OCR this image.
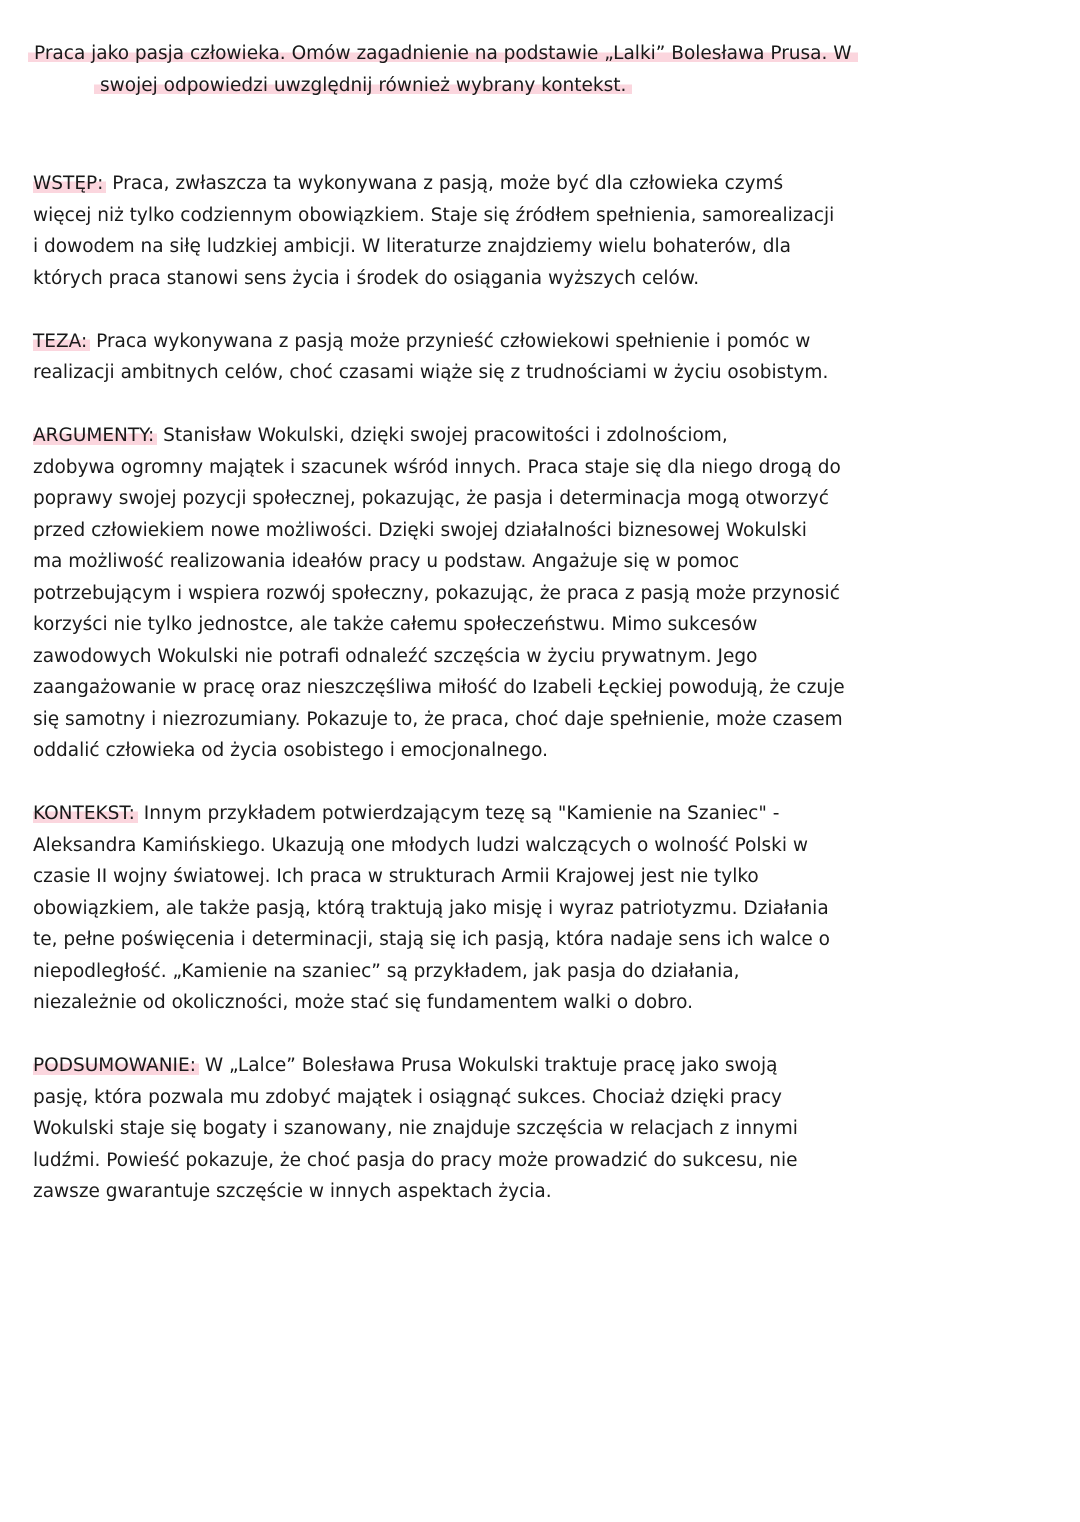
Praca jako pasja człowieka. Omów zagadnienie na podstawie „Lalki” Bolesława Prusa. W
swojej odpowiedzi uwzględnij również wybrany kontekst.
WSTĘP: Praca, zwłaszcza ta wykonywana z pasją, może być dla człowieka czymś
więcej niż tylko codziennym obowiązkiem. Staje się źródłem spełnienia, samorealizacji
i dowodem na siłę ludzkiej ambicji. W literaturze znajdziemy wielu bohaterów, dla
których praca stanowi sens życia i środek do osiągania wyższych celów.
TEZA: Praca wykonywana z pasją może przynieść człowiekowi spełnienie i pomóc w
realizacji ambitnych celów, choć czasami wiąże się z trudnościami w życiu osobistym.
ARGUMENTY: Stanisław Wokulski, dzięki swojej pracowitości i zdolnościom,
zdobywa ogromny majątek i szacunek wśród innych. Praca staje się dla niego drogą do
poprawy swojej pozycji społecznej, pokazując, że pasja i determinacja mogą otworzyć
przed człowiekiem nowe możliwości. Dzięki swojej działalności biznesowej Wokulski
ma możliwość realizowania ideałów pracy u podstaw. Angażuje się w pomoc
potrzebującym i wspiera rozwój społeczny, pokazując, że praca z pasją może przynosić
korzyści nie tylko jednostce, ale także całemu społeczeństwu. Mimo sukcesów
zawodowych Wokulski nie potrafi odnaleźć szczęścia w życiu prywatnym. Jego
zaangażowanie w pracę oraz nieszczęśliwa miłość do Izabeli Łęckiej powodują, że czuje
się samotny i niezrozumiany. Pokazuje to, że praca, choć daje spełnienie, może czasem
oddalić człowieka od życia osobistego i emocjonalnego.
KONTEKST: Innym przykładem potwierdzającym tezę są "Kamienie na Szaniec" -
Aleksandra Kamińskiego. Ukazują one młodych ludzi walczących o wolność Polski w
czasie II wojny światowej. Ich praca w strukturach Armii Krajowej jest nie tylko
obowiązkiem, ale także pasją, którą traktują jako misję i wyraz patriotyzmu. Działania
te, pełne poświęcenia i determinacji, stają się ich pasją, która nadaje sens ich walce o
niepodległość. „Kamienie na szaniec” są przykładem, jak pasja do działania,
niezależnie od okoliczności, może stać się fundamentem walki o dobro.
PODSUMOWANIE: W „Lalce” Bolesława Prusa Wokulski traktuje pracę jako swoją
pasję, która pozwala mu zdobyć majątek i osiągnąć sukces. Chociaż dzięki pracy
Wokulski staje się bogaty i szanowany, nie znajduje szczęścia w relacjach z innymi
ludźmi. Powieść pokazuje, że choć pasja do pracy może prowadzić do sukcesu, nie
zawsze gwarantuje szczęście w innych aspektach życia.
